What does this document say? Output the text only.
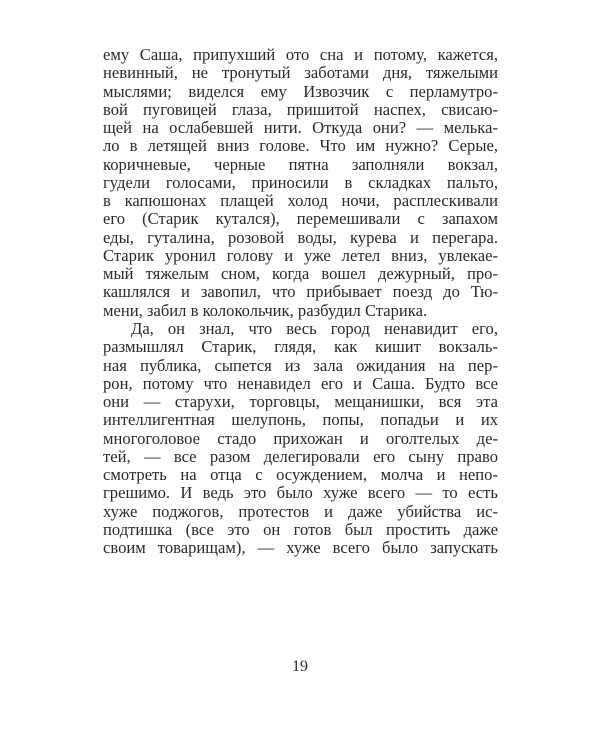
ему Саша, припухший ото сна и потому, кажется,
невинный, не тронутый заботами дня, тяжелыми
мыслями; виделся ему Извозчик с перламутро-
вой пуговицей глаза, пришитой наспех, свисаю-
щей на ослабевшей нити. Откуда они? — мелька-
ло в летящей вниз голове. Что им нужно? Серые,
коричневые, черные пятна заполняли вокзал,
гудели голосами, приносили в складках пальто,
в капюшонах плащей холод ночи, расплескивали
его (Старик кутался), перемешивали с запахом
еды, гуталина, розовой воды, курева и перегара.
Старик уронил голову и уже летел вниз, увлекае-
мый тяжелым сном, когда вошел дежурный, про-
кашлялся и завопил, что прибывает поезд до Тю-
мени, забил в колокольчик, разбудил Старика.
Да, он знал, что весь город ненавидит его,
размышлял Старик, глядя, как кишит вокзаль-
ная публика, сыпется из зала ожидания на пер-
рон, потому что ненавидел его и Саша. Будто все
они — старухи, торговцы, мещанишки, вся эта
интеллигентная шелупонь, попы, попадьи и их
многоголовое стадо прихожан и оголтелых де-
тей, — все разом делегировали его сыну право
смотреть на отца с осуждением, молча и непо-
грешимо. И ведь это было хуже всего — то есть
хуже поджогов, протестов и даже убийства ис-
подтишка (все это он готов был простить даже
своим товарищам), — хуже всего было запускать
19
